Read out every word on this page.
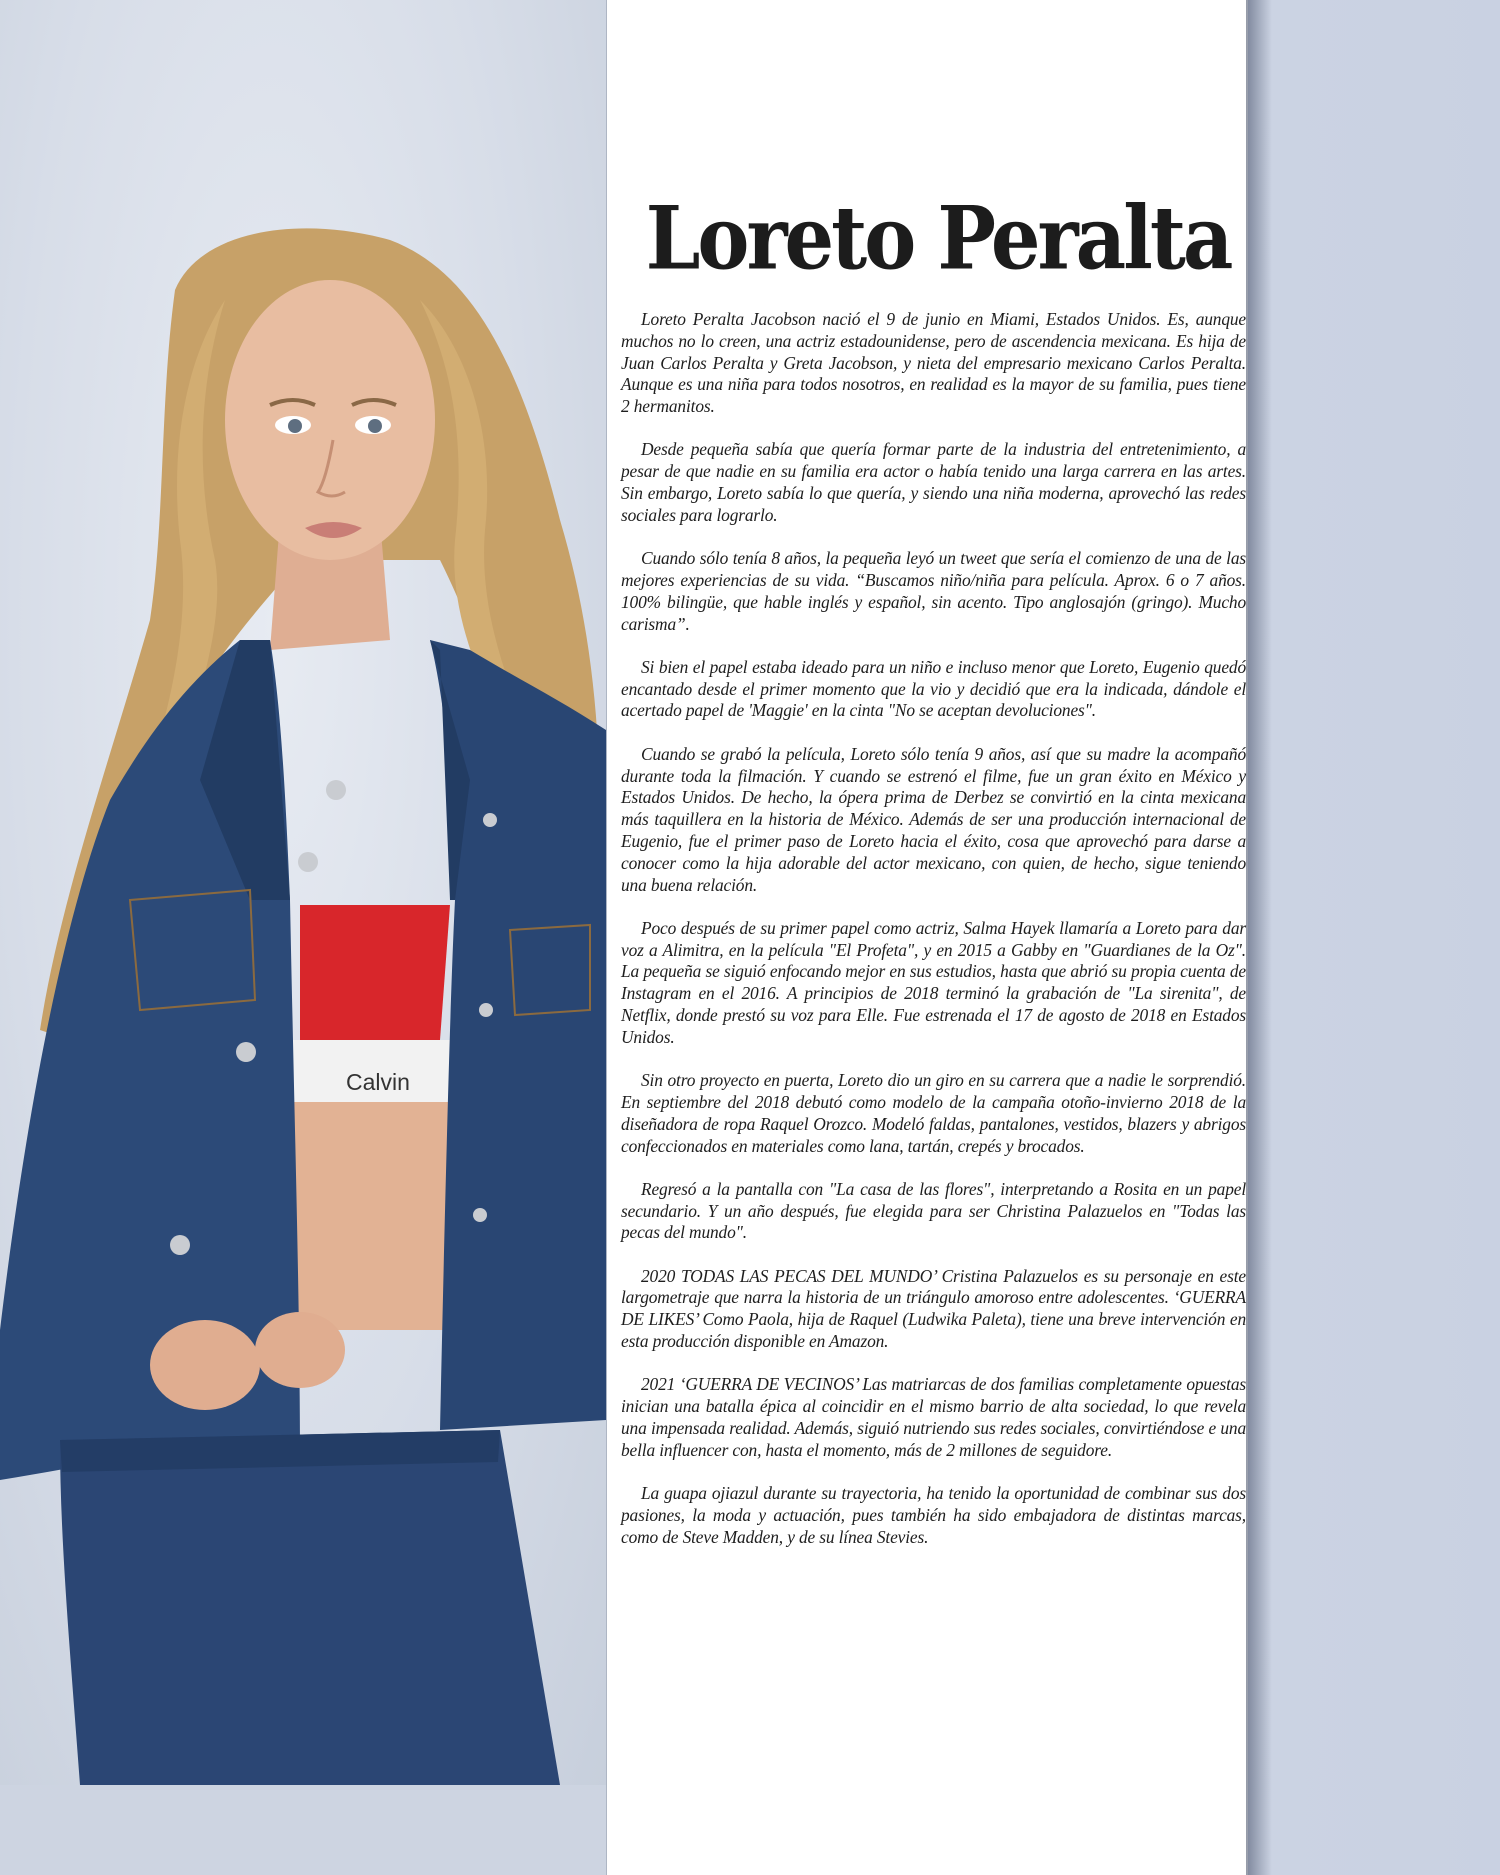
Calvin
Loreto Peralta

Loreto Peralta Jacobson nació el 9 de junio en Miami, Estados Unidos. Es, aunque muchos no lo creen, una actriz estadounidense, pero de ascendencia mexicana. Es hija de Juan Carlos Peralta y Greta Jacobson, y nieta del empresario mexicano Carlos Peralta. Aunque es una niña para todos nosotros, en realidad es la mayor de su familia, pues tiene 2 hermanitos.

Desde pequeña sabía que quería formar parte de la industria del entretenimiento, a pesar de que nadie en su familia era actor o había tenido una larga carrera en las artes. Sin embargo, Loreto sabía lo que quería, y siendo una niña moderna, aprovechó las redes sociales para lograrlo.

Cuando sólo tenía 8 años, la pequeña leyó un tweet que sería el comienzo de una de las mejores experiencias de su vida. “Buscamos niño/niña para película. Aprox. 6 o 7 años. 100% bilingüe, que hable inglés y español, sin acento. Tipo anglosajón (gringo). Mucho carisma”.

Si bien el papel estaba ideado para un niño e incluso menor que Loreto, Eugenio quedó encantado desde el primer momento que la vio y decidió que era la indicada, dándole el acertado papel de 'Maggie' en la cinta "No se aceptan devoluciones".

Cuando se grabó la película, Loreto sólo tenía 9 años, así que su madre la acompañó durante toda la filmación. Y cuando se estrenó el filme, fue un gran éxito en México y Estados Unidos. De hecho, la ópera prima de Derbez se convirtió en la cinta mexicana más taquillera en la historia de México. Además de ser una producción internacional de Eugenio, fue el primer paso de Loreto hacia el éxito, cosa que aprovechó para darse a conocer como la hija adorable del actor mexicano, con quien, de hecho, sigue teniendo una buena relación.

Poco después de su primer papel como actriz, Salma Hayek llamaría a Loreto para dar voz a Alimitra, en la película "El Profeta", y en 2015 a Gabby en "Guardianes de la Oz". La pequeña se siguió enfocando mejor en sus estudios, hasta que abrió su propia cuenta de Instagram en el 2016. A principios de 2018 terminó la grabación de "La sirenita", de Netflix, donde prestó su voz para Elle. Fue estrenada el 17 de agosto de 2018 en Estados Unidos.

Sin otro proyecto en puerta, Loreto dio un giro en su carrera que a nadie le sorprendió. En septiembre del 2018 debutó como modelo de la campaña otoño-invierno 2018 de la diseñadora de ropa Raquel Orozco. Modeló faldas, pantalones, vestidos, blazers y abrigos confeccionados en materiales como lana, tartán, crepés y brocados.

Regresó a la pantalla con "La casa de las flores", interpretando a Rosita en un papel secundario. Y un año después, fue elegida para ser Christina Palazuelos en "Todas las pecas del mundo".

2020 TODAS LAS PECAS DEL MUNDO’ Cristina Palazuelos es su personaje en este largometraje que narra la historia de un triángulo amoroso entre adolescentes. ‘GUERRA DE LIKES’ Como Paola, hija de Raquel (Ludwika Paleta), tiene una breve intervención en esta producción disponible en Amazon.

2021 ‘GUERRA DE VECINOS’ Las matriarcas de dos familias completamente opuestas inician una batalla épica al coincidir en el mismo barrio de alta sociedad, lo que revela una impensada realidad. Además, siguió nutriendo sus redes sociales, convirtiéndose e una bella influencer con, hasta el momento, más de 2 millones de seguidore.

La guapa ojiazul durante su trayectoria, ha tenido la oportunidad de combinar sus dos pasiones, la moda y actuación, pues también ha sido embajadora de distintas marcas, como de Steve Madden, y de su línea Stevies.
